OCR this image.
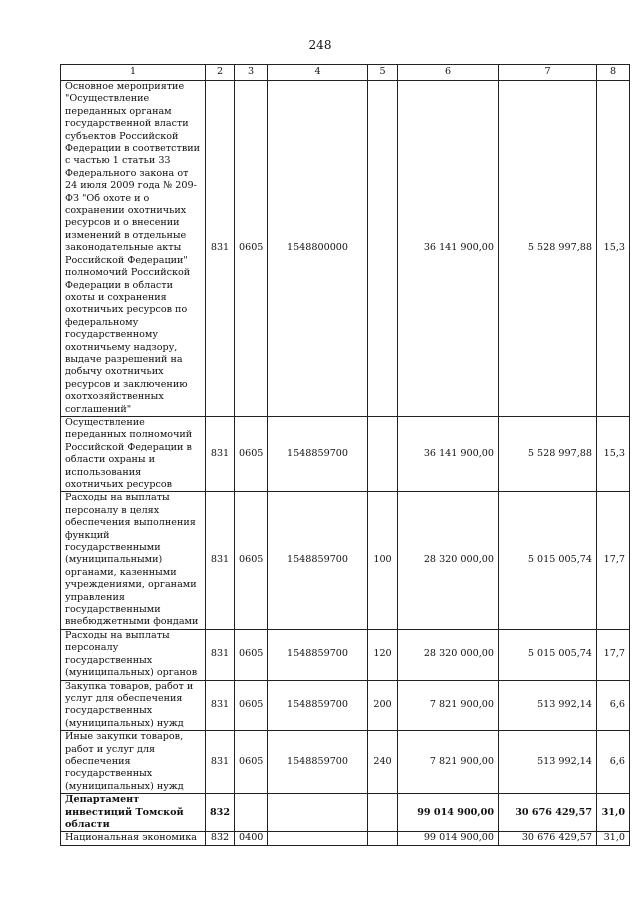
248
1	2	3	4	5	6	7	8
Основное мероприятие "Осуществление переданных органам государственной власти субъектов Российской Федерации в соответствии с частью 1 статьи 33 Федерального закона от 24 июля 2009 года № 209-ФЗ "Об охоте и о сохранении охотничьих ресурсов и о внесении изменений в отдельные законодательные акты Российской Федерации" полномочий Российской Федерации в области охоты и сохранения охотничьих ресурсов по федеральному государственному охотничьему надзору, выдаче разрешений на добычу охотничьих ресурсов и заключению охотхозяйственных соглашений"	831	0605	1548800000		36 141 900,00	5 528 997,88	15,3
Осуществление переданных полномочий Российской Федерации в области охраны и использования охотничьих ресурсов	831	0605	1548859700		36 141 900,00	5 528 997,88	15,3
Расходы на выплаты персоналу в целях обеспечения выполнения функций государственными (муниципальными) органами, казенными учреждениями, органами управления государственными внебюджетными фондами	831	0605	1548859700	100	28 320 000,00	5 015 005,74	17,7
Расходы на выплаты персоналу государственных (муниципальных) органов	831	0605	1548859700	120	28 320 000,00	5 015 005,74	17,7
Закупка товаров, работ и услуг для обеспечения государственных (муниципальных) нужд	831	0605	1548859700	200	7 821 900,00	513 992,14	6,6
Иные закупки товаров, работ и услуг для обеспечения государственных (муниципальных) нужд	831	0605	1548859700	240	7 821 900,00	513 992,14	6,6
Департамент инвестиций Томской области	832				99 014 900,00	30 676 429,57	31,0
Национальная экономика	832	0400			99 014 900,00	30 676 429,57	31,0
